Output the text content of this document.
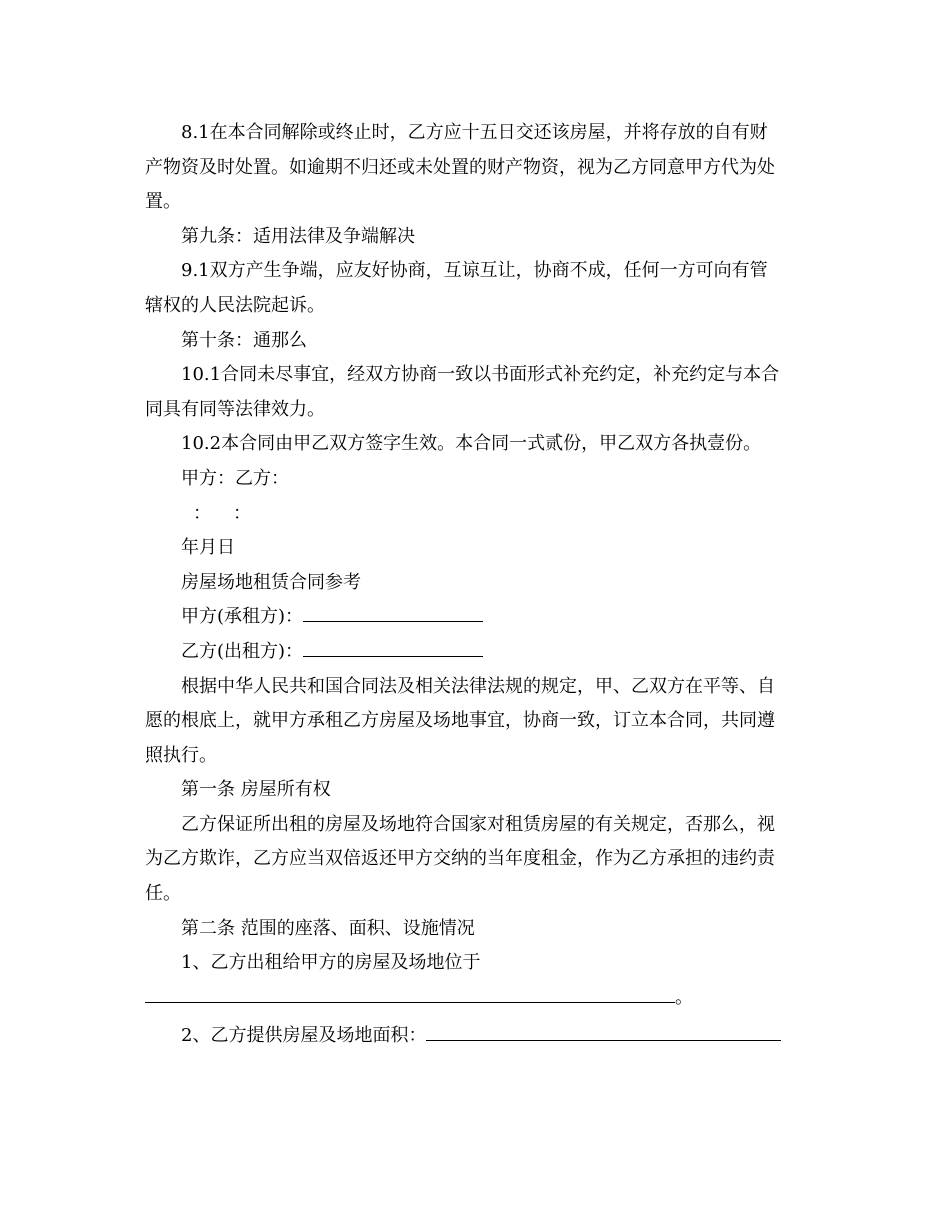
8.1在本合同解除或终止时，乙方应十五日交还该房屋，并将存放的自有财
产物资及时处置。如逾期不归还或未处置的财产物资，视为乙方同意甲方代为处
置。
第九条：适用法律及争端解决
9.1双方产生争端，应友好协商，互谅互让，协商不成，任何一方可向有管
辖权的人民法院起诉。
第十条：通那么
10.1合同未尽事宜，经双方协商一致以书面形式补充约定，补充约定与本合
同具有同等法律效力。
10.2本合同由甲乙双方签字生效。本合同一式贰份，甲乙双方各执壹份。
甲方：乙方：
： ：
年月日
房屋场地租赁合同参考
甲方(承租方)：
乙方(出租方)：
根据中华人民共和国合同法及相关法律法规的规定，甲、乙双方在平等、自
愿的根底上，就甲方承租乙方房屋及场地事宜，协商一致，订立本合同，共同遵
照执行。
第一条 房屋所有权
乙方保证所出租的房屋及场地符合国家对租赁房屋的有关规定，否那么，视
为乙方欺诈，乙方应当双倍返还甲方交纳的当年度租金，作为乙方承担的违约责
任。
第二条 范围的座落、面积、设施情况
1、乙方出租给甲方的房屋及场地位于
。
2、乙方提供房屋及场地面积：
